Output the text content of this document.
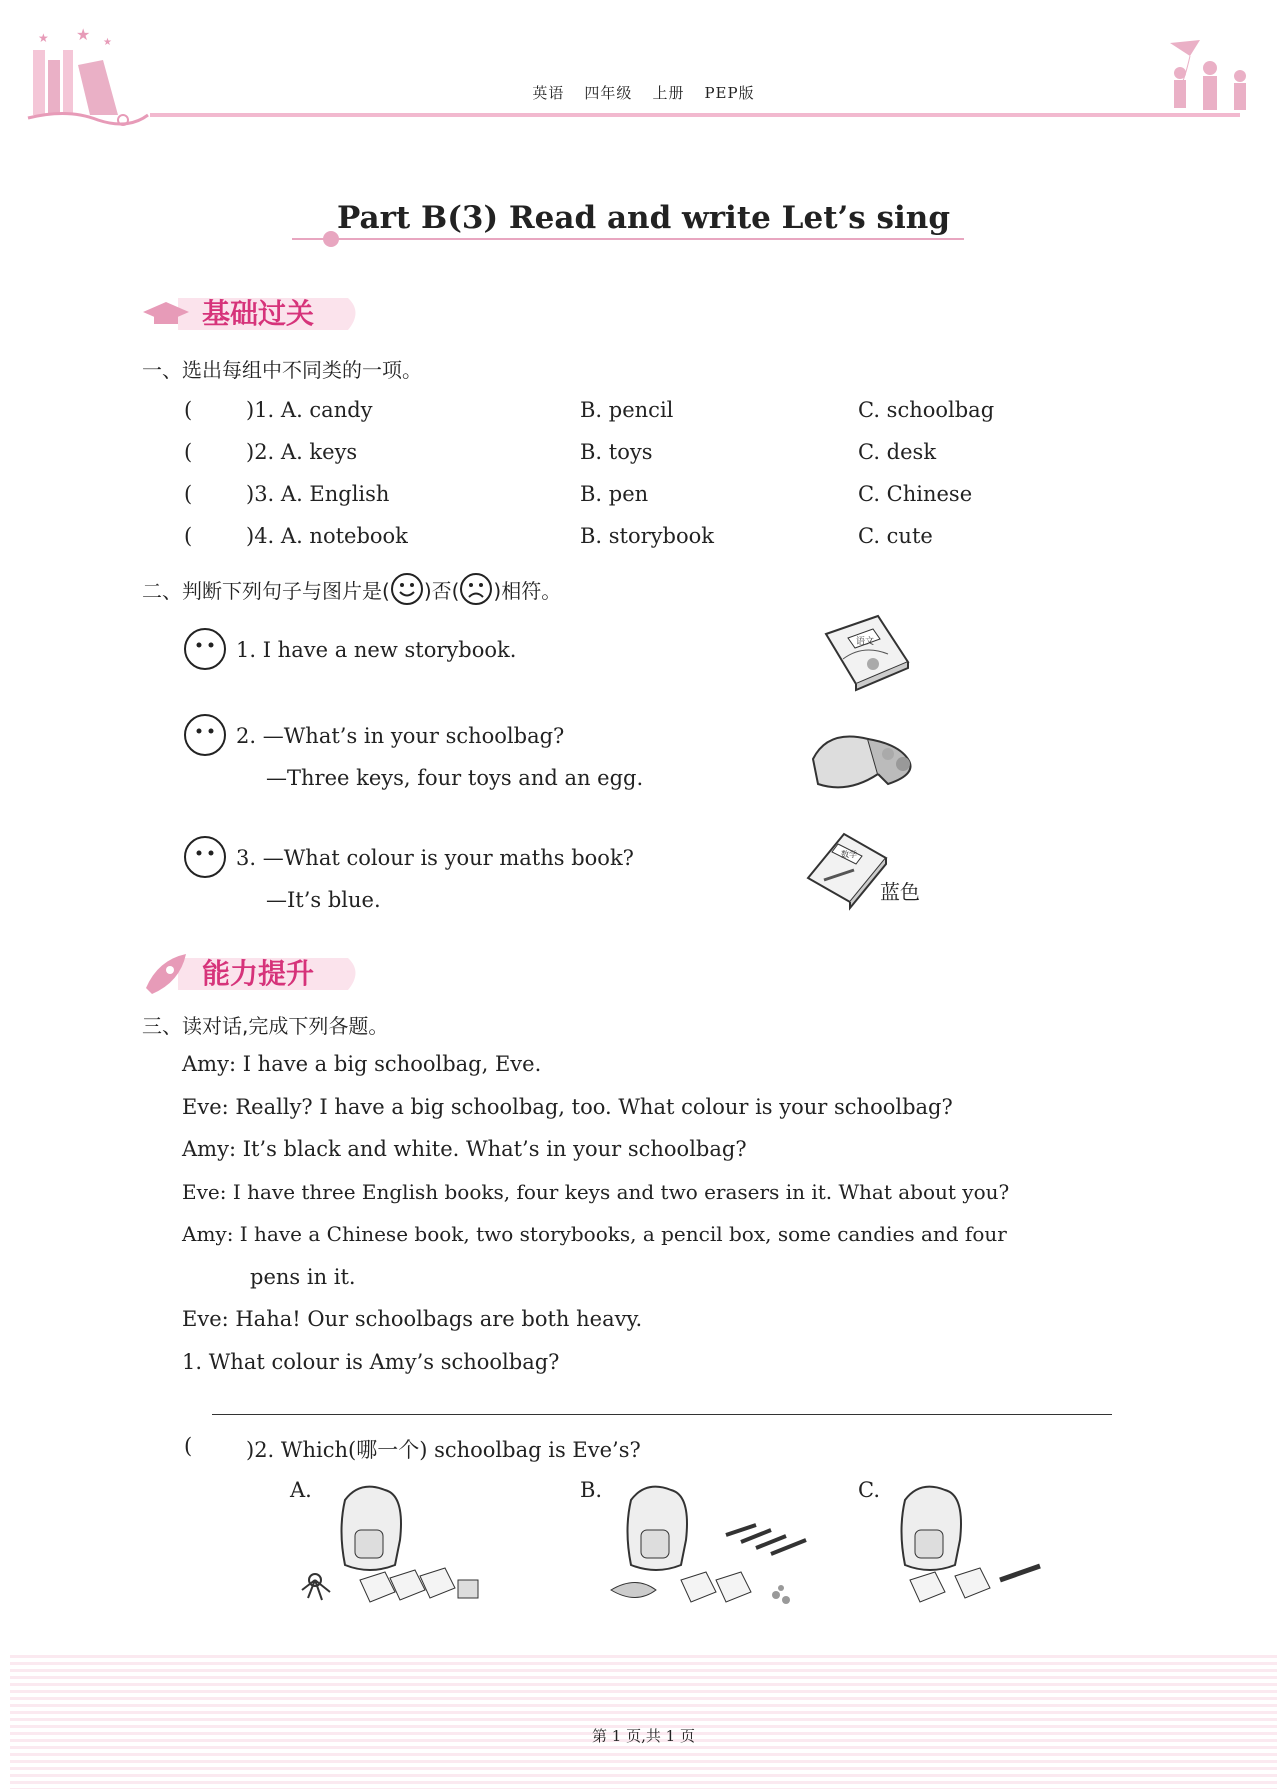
★
★	★
英语 四年级 上册 PEP版
Part B(3) Read and write Let’s sing
基础过关
一、选出每组中不同类的一项。
(	)1. A. candy	B. pencil	C. schoolbag
(	)2. A. keys	B. toys	C. desk
(	)3. A. English	B. pen	C. Chinese
(	)4. A. notebook	B. storybook	C. cute
二、判断下列句子与图片是( )否( )相符。
1. I have a new storybook.	语文
2. —What’s in your schoolbag?
—Three keys, four toys and an egg.
3. —What colour is your maths book?
—It’s blue.
数学
蓝色
能力提升
三、读对话,完成下列各题。
Amy: I have a big schoolbag, Eve.
Eve: Really? I have a big schoolbag, too. What colour is your schoolbag?
Amy: It’s black and white. What’s in your schoolbag?
Eve: I have three English books, four keys and two erasers in it. What about you?
Amy: I have a Chinese book, two storybooks, a pencil box, some candies and four
pens in it.
Eve: Haha! Our schoolbags are both heavy.
1. What colour is Amy’s schoolbag?
(	)2. Which(哪一个) schoolbag is Eve’s?
A.	B.	C.
第 1 页,共 1 页
